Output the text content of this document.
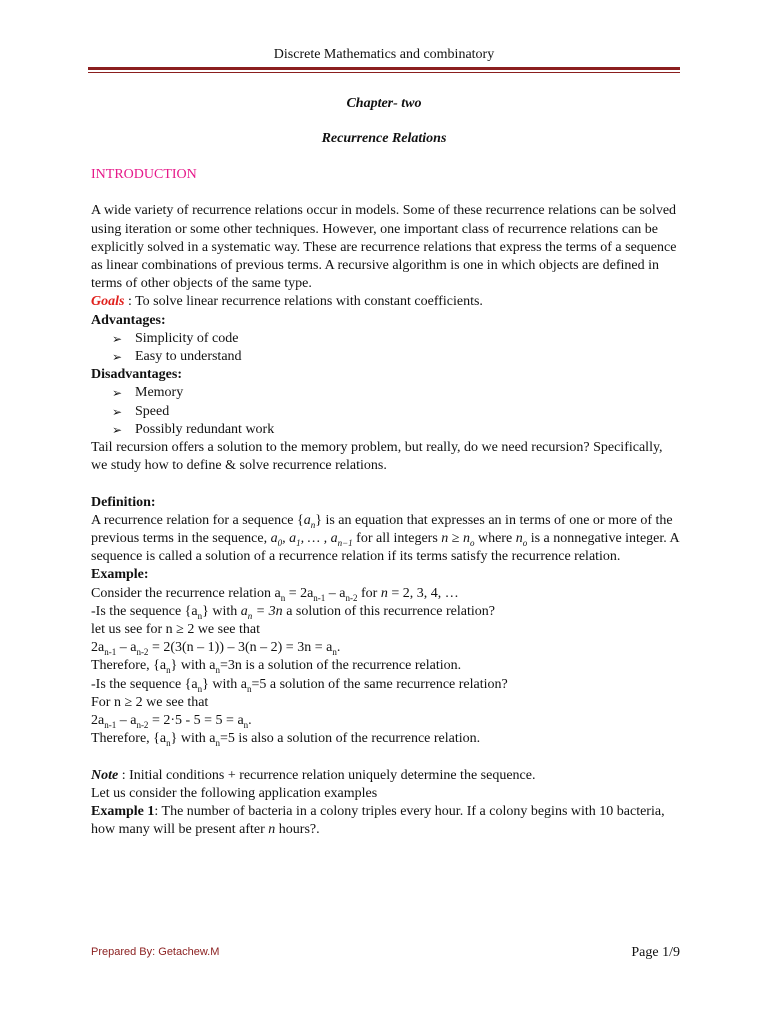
Discrete Mathematics and combinatory
Chapter- two
Recurrence Relations

INTRODUCTION

A wide variety of recurrence relations occur in models. Some of these recurrence relations can be solved using iteration or some other techniques. However, one important class of recurrence relations can be explicitly solved in a systematic way. These are recurrence relations that express the terms of a sequence as linear combinations of previous terms. A recursive algorithm is one in which objects are defined in terms of other objects of the same type.

Goals : To solve linear recurrence relations with constant coefficients.

Advantages:

➢ Simplicity of code
➢ Easy to understand

Disadvantages:

➢ Memory
➢ Speed
➢ Possibly redundant work

Tail recursion offers a solution to the memory problem, but really, do we need recursion? Specifically, we study how to define & solve recurrence relations.

Definition:

A recurrence relation for a sequence $\{a_n\}$ is an equation that expresses an in terms of one or more of the previous terms in the sequence, $a_0$, $a_1$, … , $a_{n-1}$ for all integers $n \ge n_o$ where $n_o$ is a nonnegative integer. A sequence is called a solution of a recurrence relation if its terms satisfy the recurrence relation.

Example:

Consider the recurrence relation $a_n = 2a_{n-1} - a_{n-2}$ for n = 2, 3, 4, …

-Is the sequence $\{a_n\}$ with $a_n = 3n$ a solution of this recurrence relation?

let us see for n ≥ 2 we see that

$2a_{n-1} - a_{n-2} = 2(3(n - 1)) - 3(n - 2) = 3n = a_n$.

Therefore, $\{a_n\}$ with $a_n=3n$ is a solution of the recurrence relation.

-Is the sequence $\{a_n\}$ with $a_n=5$ a solution of the same recurrence relation?

For n ≥ 2 we see that

$2a_{n-1} - a_{n-2} = 2\cdot 5 - 5 = 5 = a_n$.

Therefore, $\{a_n\}$ with $a_n=5$ is also a solution of the recurrence relation.

Note : Initial conditions + recurrence relation uniquely determine the sequence.

Let us consider the following application examples

Example 1: The number of bacteria in a colony triples every hour. If a colony begins with 10 bacteria, how many will be present after n hours?.

Prepared By: Getachew.M	Page 1/9
